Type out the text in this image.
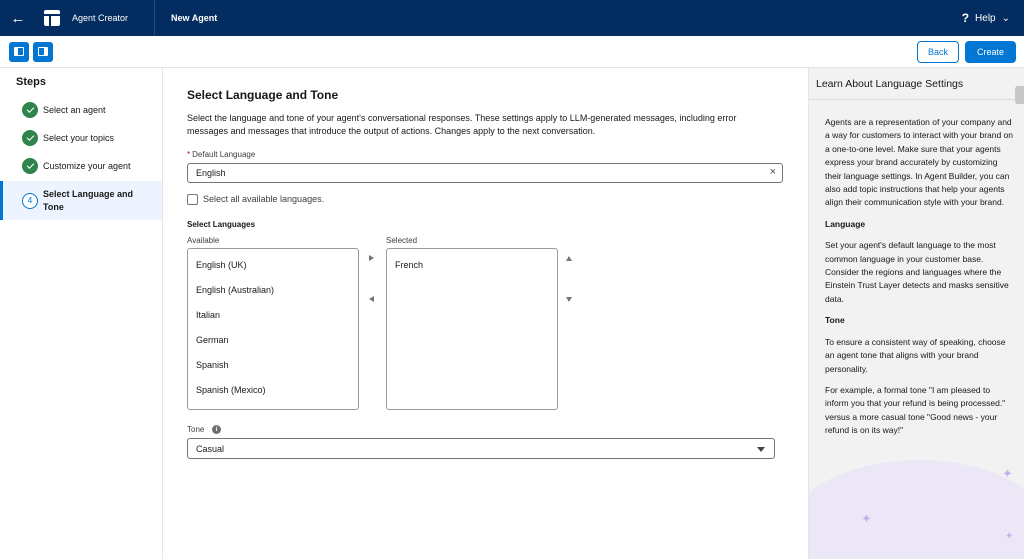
←	Agent Creator	New Agent	? Help ⌄
Back	Create
Steps
Select an agent
Select your topics
Customize your agent
4
Select Language and Tone
Select Language and Tone
Select the language and tone of your agent's conversational responses. These settings apply to LLM-generated messages, including error messages and messages that introduce the output of actions. Changes apply to the next conversation.
* Default Language
English	×
Select all available languages.
Select Languages
Available	Selected
English (UK)
English (Australian)
Italian
German
Spanish
Spanish (Mexico)
French
Tone	i
Casual
✦
✦
✦
Learn About Language Settings

Agents are a representation of your company and a way for customers to interact with your brand on a one-to-one level. Make sure that your agents express your brand accurately by customizing their language settings. In Agent Builder, you can also add topic instructions that help your agents align their communication style with your brand.

Language

Set your agent's default language to the most common language in your customer base. Consider the regions and languages where the Einstein Trust Layer detects and masks sensitive data.

Tone

To ensure a consistent way of speaking, choose an agent tone that aligns with your brand personality.

For example, a formal tone "I am pleased to inform you that your refund is being processed." versus a more casual tone "Good news - your refund is on its way!"
